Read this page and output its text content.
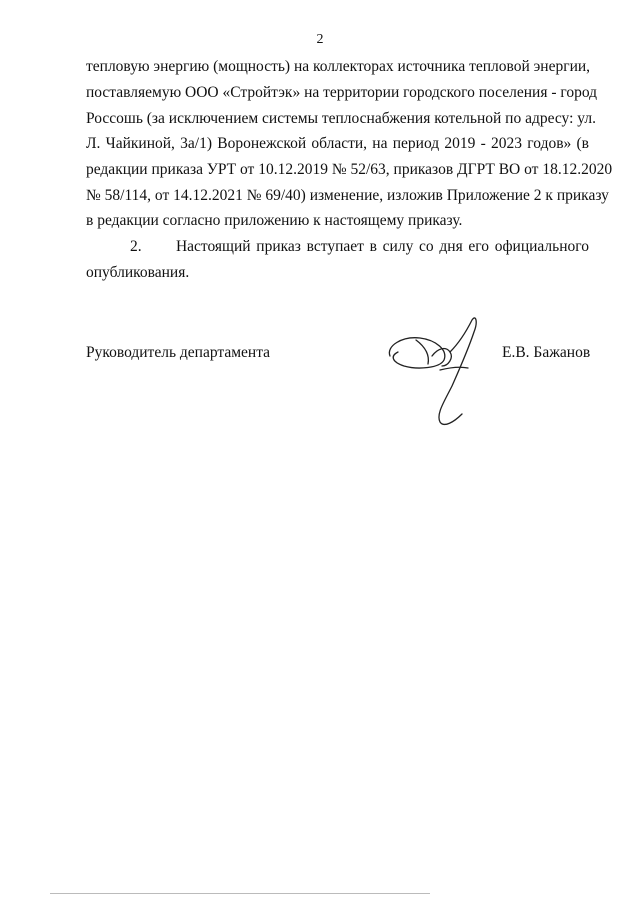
2
тепловую энергию (мощность) на коллекторах источника тепловой энергии,
поставляемую ООО «Стройтэк» на территории городского поселения - город
Россошь (за исключением системы теплоснабжения котельной по адресу: ул.
Л. Чайкиной, 3а/1) Воронежской области, на период 2019 - 2023 годов» (в
редакции приказа УРТ от 10.12.2019 № 52/63, приказов ДГРТ ВО от 18.12.2020
№ 58/114, от 14.12.2021 № 69/40) изменение, изложив Приложение 2 к приказу
в редакции согласно приложению к настоящему приказу.
2.      Настоящий приказ вступает в силу со дня его официального
опубликования.
Руководитель департамента	Е.В. Бажанов
